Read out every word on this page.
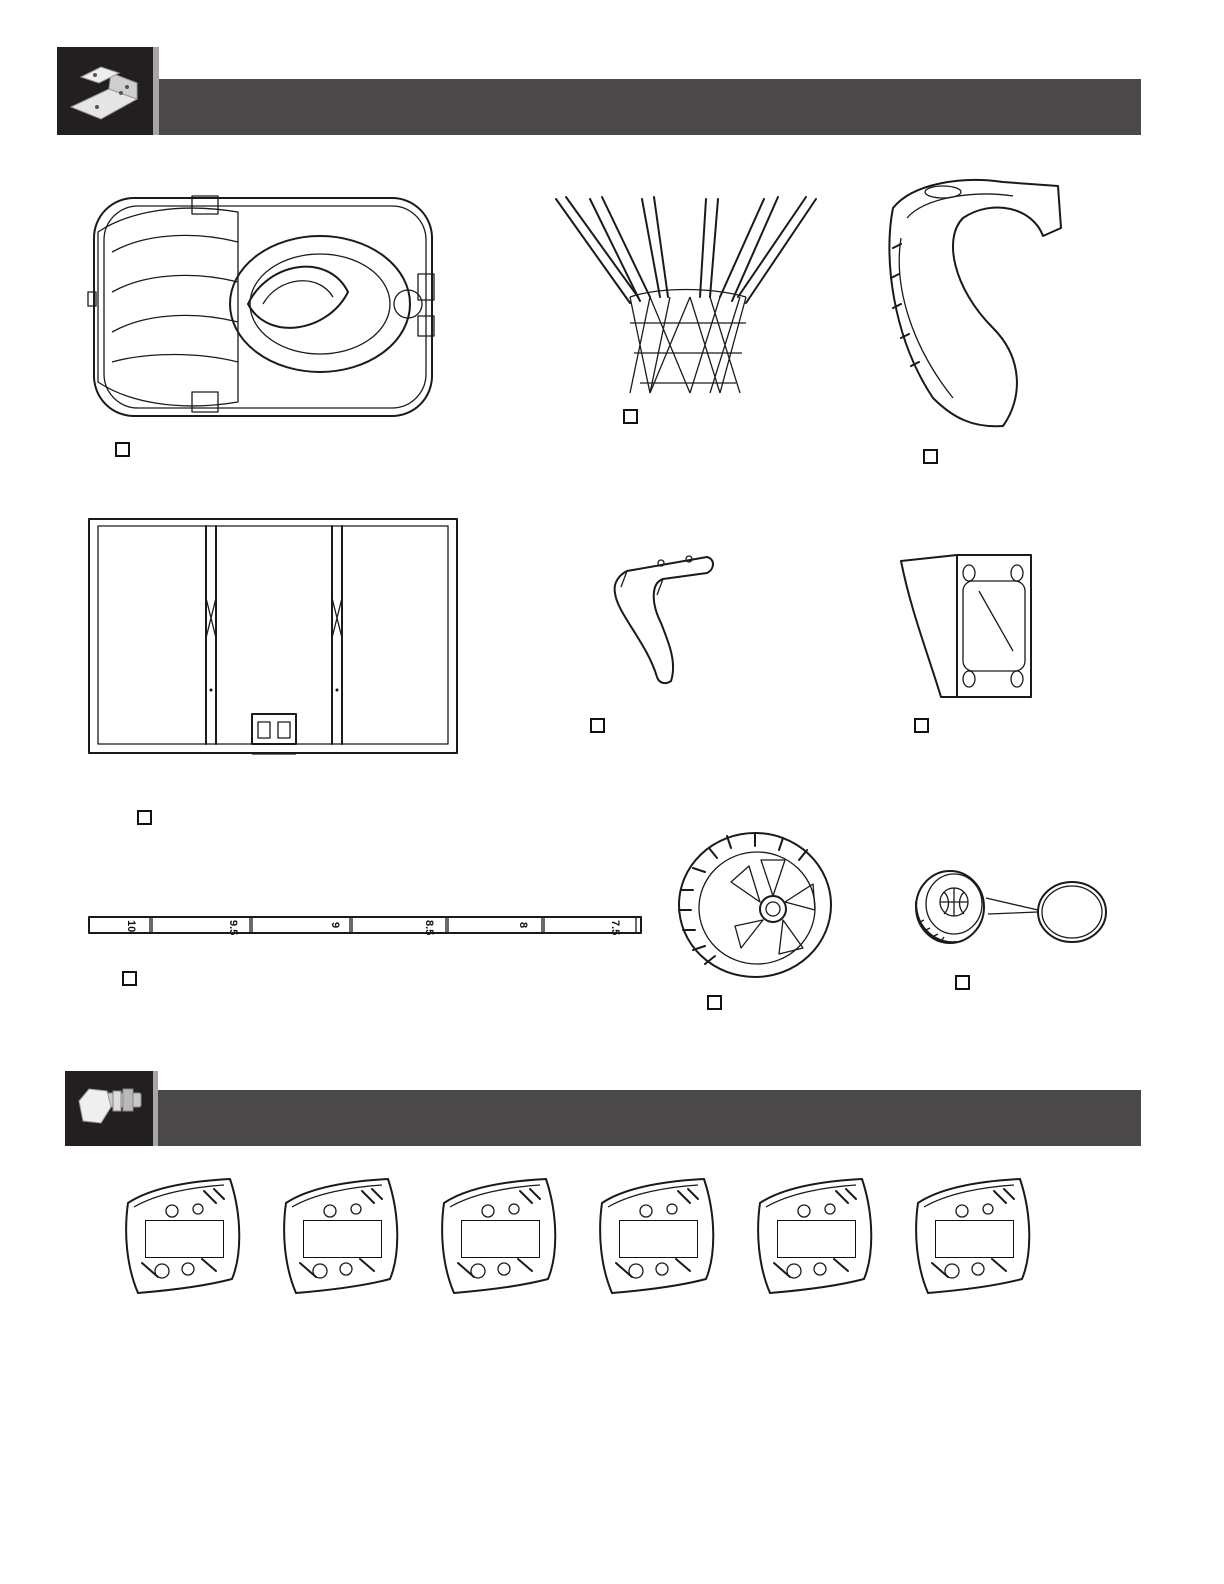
10	9.5	9	8.5	8	7.5
